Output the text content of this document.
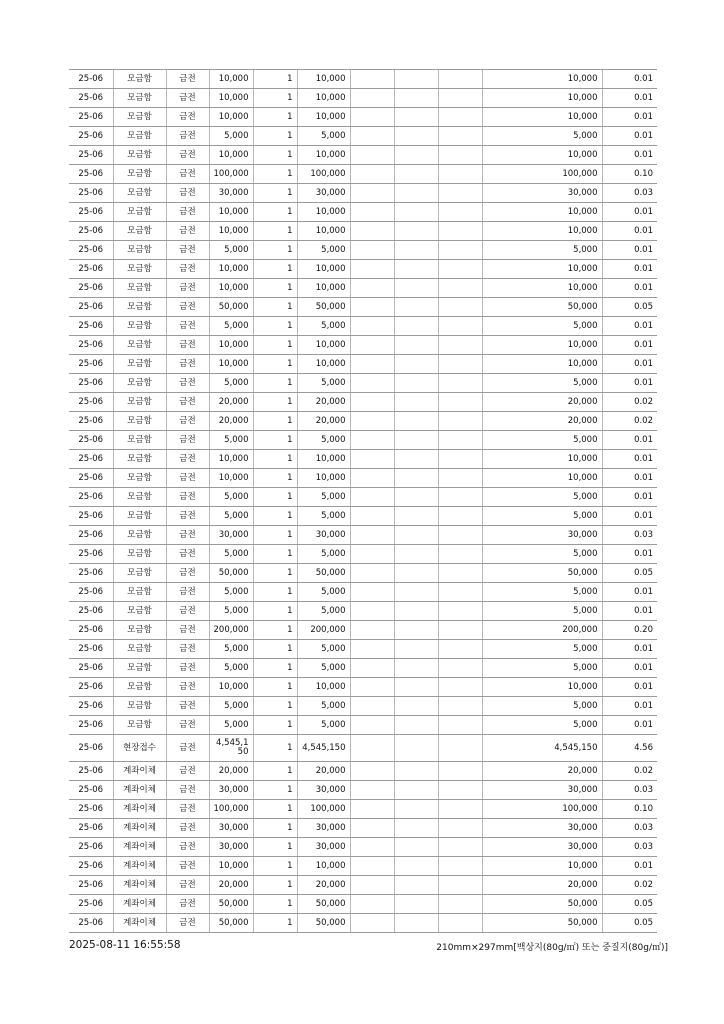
25-06	모금함	금전	10,000	1	10,000				10,000	0.01
25-06	모금함	금전	10,000	1	10,000				10,000	0.01
25-06	모금함	금전	10,000	1	10,000				10,000	0.01
25-06	모금함	금전	5,000	1	5,000				5,000	0.01
25-06	모금함	금전	10,000	1	10,000				10,000	0.01
25-06	모금함	금전	100,000	1	100,000				100,000	0.10
25-06	모금함	금전	30,000	1	30,000				30,000	0.03
25-06	모금함	금전	10,000	1	10,000				10,000	0.01
25-06	모금함	금전	10,000	1	10,000				10,000	0.01
25-06	모금함	금전	5,000	1	5,000				5,000	0.01
25-06	모금함	금전	10,000	1	10,000				10,000	0.01
25-06	모금함	금전	10,000	1	10,000				10,000	0.01
25-06	모금함	금전	50,000	1	50,000				50,000	0.05
25-06	모금함	금전	5,000	1	5,000				5,000	0.01
25-06	모금함	금전	10,000	1	10,000				10,000	0.01
25-06	모금함	금전	10,000	1	10,000				10,000	0.01
25-06	모금함	금전	5,000	1	5,000				5,000	0.01
25-06	모금함	금전	20,000	1	20,000				20,000	0.02
25-06	모금함	금전	20,000	1	20,000				20,000	0.02
25-06	모금함	금전	5,000	1	5,000				5,000	0.01
25-06	모금함	금전	10,000	1	10,000				10,000	0.01
25-06	모금함	금전	10,000	1	10,000				10,000	0.01
25-06	모금함	금전	5,000	1	5,000				5,000	0.01
25-06	모금함	금전	5,000	1	5,000				5,000	0.01
25-06	모금함	금전	30,000	1	30,000				30,000	0.03
25-06	모금함	금전	5,000	1	5,000				5,000	0.01
25-06	모금함	금전	50,000	1	50,000				50,000	0.05
25-06	모금함	금전	5,000	1	5,000				5,000	0.01
25-06	모금함	금전	5,000	1	5,000				5,000	0.01
25-06	모금함	금전	200,000	1	200,000				200,000	0.20
25-06	모금함	금전	5,000	1	5,000				5,000	0.01
25-06	모금함	금전	5,000	1	5,000				5,000	0.01
25-06	모금함	금전	10,000	1	10,000				10,000	0.01
25-06	모금함	금전	5,000	1	5,000				5,000	0.01
25-06	모금함	금전	5,000	1	5,000				5,000	0.01
25-06	현장접수	금전	4,545,150	1	4,545,150				4,545,150	4.56
25-06	계좌이체	금전	20,000	1	20,000				20,000	0.02
25-06	계좌이체	금전	30,000	1	30,000				30,000	0.03
25-06	계좌이체	금전	100,000	1	100,000				100,000	0.10
25-06	계좌이체	금전	30,000	1	30,000				30,000	0.03
25-06	계좌이체	금전	30,000	1	30,000				30,000	0.03
25-06	계좌이체	금전	10,000	1	10,000				10,000	0.01
25-06	계좌이체	금전	20,000	1	20,000				20,000	0.02
25-06	계좌이체	금전	50,000	1	50,000				50,000	0.05
25-06	계좌이체	금전	50,000	1	50,000				50,000	0.05
2025-08-11 16:55:58	210mm×297mm[백상지(80g/㎡) 또는 중질지(80g/㎡)]
